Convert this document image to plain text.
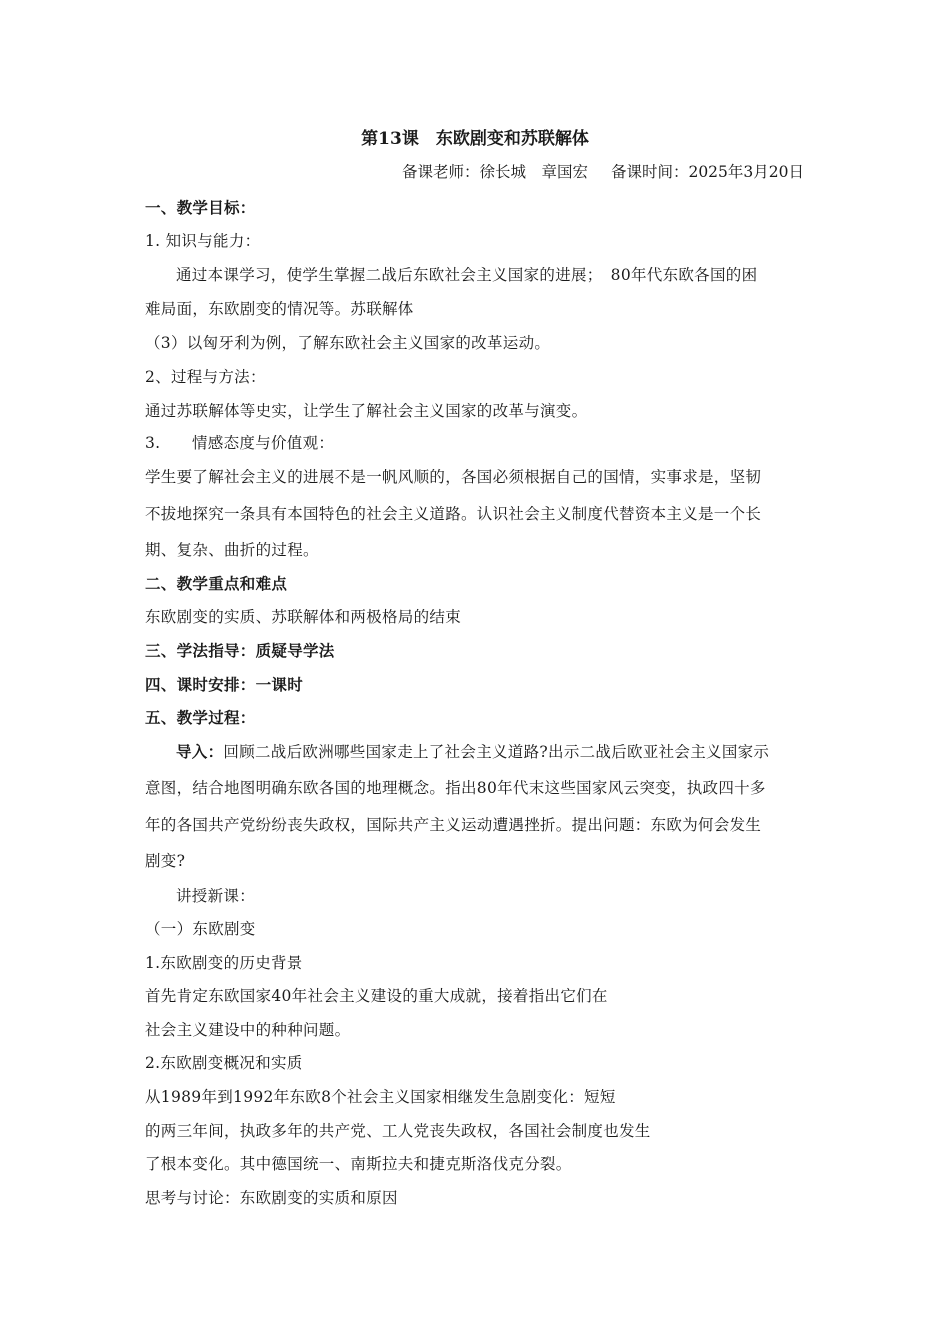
第13课　东欧剧变和苏联解体
备课老师：徐长城　章国宏 备课时间：2025年3月20日
一、教学目标：
1. 知识与能力：
通过本课学习，使学生掌握二战后东欧社会主义国家的进展；　80年代东欧各国的困
难局面，东欧剧变的情况等。苏联解体
（3）以匈牙利为例，了解东欧社会主义国家的改革运动。
2、过程与方法：
通过苏联解体等史实，让学生了解社会主义国家的改革与演变。
3.　　情感态度与价值观：
学生要了解社会主义的进展不是一帆风顺的，各国必须根据自己的国情，实事求是，坚韧
不拔地探究一条具有本国特色的社会主义道路。认识社会主义制度代替资本主义是一个长
期、复杂、曲折的过程。
二、教学重点和难点
东欧剧变的实质、苏联解体和两极格局的结束
三、学法指导：质疑导学法
四、课时安排：一课时
五、教学过程：
导入：回顾二战后欧洲哪些国家走上了社会主义道路?出示二战后欧亚社会主义国家示
意图，结合地图明确东欧各国的地理概念。指出80年代末这些国家风云突变，执政四十多
年的各国共产党纷纷丧失政权，国际共产主义运动遭遇挫折。提出问题：东欧为何会发生
剧变?
讲授新课：
（一）东欧剧变
1.东欧剧变的历史背景
首先肯定东欧国家40年社会主义建设的重大成就，接着指出它们在
社会主义建设中的种种问题。
2.东欧剧变概况和实质
从1989年到1992年东欧8个社会主义国家相继发生急剧变化：短短
的两三年间，执政多年的共产党、工人党丧失政权，各国社会制度也发生
了根本变化。其中德国统一、南斯拉夫和捷克斯洛伐克分裂。
思考与讨论：东欧剧变的实质和原因
